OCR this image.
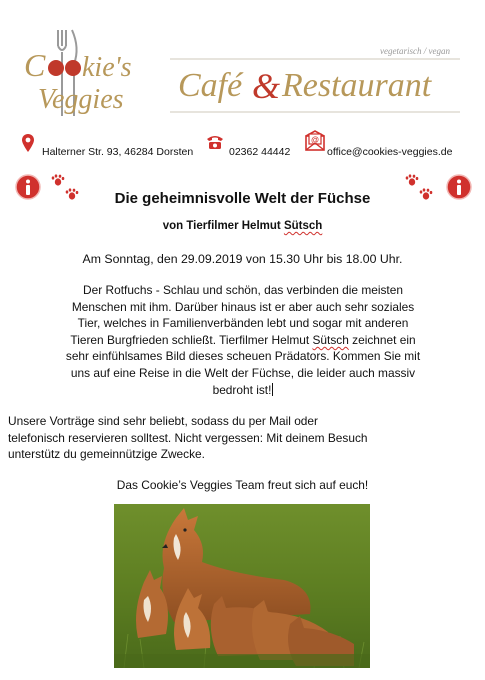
C kie's
Veggies
vegetarisch / vegan
Café & Restaurant
Halterner Str. 93, 46284 Dorsten	02362 44442
@
office@cookies-veggies.de
Die geheimnisvolle Welt der Füchse
von Tierfilmer Helmut Sütsch
Am Sonntag, den 29.09.2019 von 15.30 Uhr bis 18.00 Uhr.
Der Rotfuchs - Schlau und schön, das verbinden die meisten
Menschen mit ihm. Darüber hinaus ist er aber auch sehr soziales
Tier, welches in Familienverbänden lebt und sogar mit anderen
Tieren Burgfrieden schließt. Tierfilmer Helmut Sütsch zeichnet ein
sehr einfühlsames Bild dieses scheuen Prädators. Kommen Sie mit
uns auf eine Reise in die Welt der Füchse, die leider auch massiv
bedroht ist!
Unsere Vorträge sind sehr beliebt, sodass du per Mail oder
telefonisch reservieren solltest. Nicht vergessen: Mit deinem Besuch
unterstütz du gemeinnützige Zwecke.
Das Cookie’s Veggies Team freut sich auf euch!
